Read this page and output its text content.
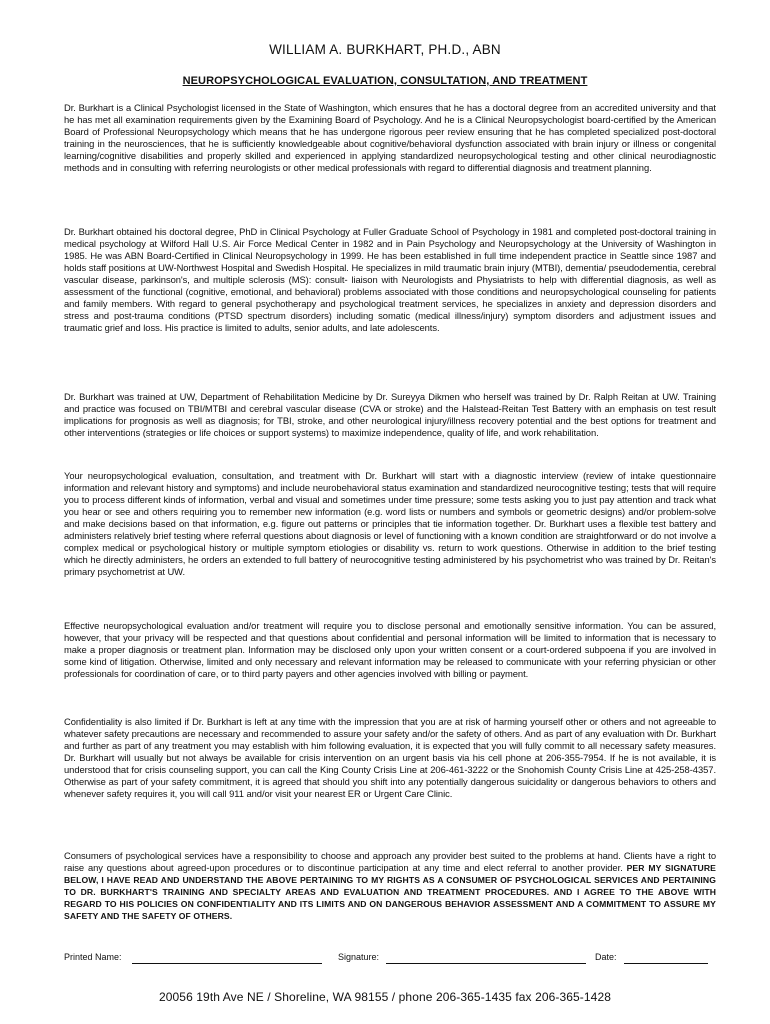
WILLIAM A. BURKHART, PH.D., ABN
NEUROPSYCHOLOGICAL EVALUATION, CONSULTATION, AND TREATMENT

Dr. Burkhart is a Clinical Psychologist licensed in the State of Washington, which ensures that he has a doctoral degree from an accredited university and that he has met all examination requirements given by the Examining Board of Psychology. And he is a Clinical Neuropsychologist board-certified by the American Board of Professional Neuropsychology which means that he has undergone rigorous peer review ensuring that he has completed specialized post-doctoral training in the neurosciences, that he is sufficiently knowledgeable about cognitive/behavioral dysfunction associated with brain injury or illness or congenital learning/cognitive disabilities and properly skilled and experienced in applying standardized neuropsychological testing and other clinical neurodiagnostic methods and in consulting with referring neurologists or other medical professionals with regard to differential diagnosis and treatment planning.

Dr. Burkhart obtained his doctoral degree, PhD in Clinical Psychology at Fuller Graduate School of Psychology in 1981 and completed post-doctoral training in medical psychology at Wilford Hall U.S. Air Force Medical Center in 1982 and in Pain Psychology and Neuropsychology at the University of Washington in 1985. He was ABN Board-Certified in Clinical Neuropsychology in 1999. He has been established in full time independent practice in Seattle since 1987 and holds staff positions at UW-Northwest Hospital and Swedish Hospital. He specializes in mild traumatic brain injury (MTBI), dementia/ pseudodementia, cerebral vascular disease, parkinson's, and multiple sclerosis (MS): consult- liaison with Neurologists and Physiatrists to help with differential diagnosis, as well as assessment of the functional (cognitive, emotional, and behavioral) problems associated with those conditions and neuropsychological counseling for patients and family members. With regard to general psychotherapy and psychological treatment services, he specializes in anxiety and depression disorders and stress and post-trauma conditions (PTSD spectrum disorders) including somatic (medical illness/injury) symptom disorders and adjustment issues and traumatic grief and loss. His practice is limited to adults, senior adults, and late adolescents.

Dr. Burkhart was trained at UW, Department of Rehabilitation Medicine by Dr. Sureyya Dikmen who herself was trained by Dr. Ralph Reitan at UW. Training and practice was focused on TBI/MTBI and cerebral vascular disease (CVA or stroke) and the Halstead-Reitan Test Battery with an emphasis on test result implications for prognosis as well as diagnosis; for TBI, stroke, and other neurological injury/illness recovery potential and the best options for treatment and other interventions (strategies or life choices or support systems) to maximize independence, quality of life, and work rehabilitation.

Your neuropsychological evaluation, consultation, and treatment with Dr. Burkhart will start with a diagnostic interview (review of intake questionnaire information and relevant history and symptoms) and include neurobehavioral status examination and standardized neurocognitive testing; tests that will require you to process different kinds of information, verbal and visual and sometimes under time pressure; some tests asking you to just pay attention and track what you hear or see and others requiring you to remember new information (e.g. word lists or numbers and symbols or geometric designs) and/or problem-solve and make decisions based on that information, e.g. figure out patterns or principles that tie information together. Dr. Burkhart uses a flexible test battery and administers relatively brief testing where referral questions about diagnosis or level of functioning with a known condition are straightforward or do not involve a complex medical or psychological history or multiple symptom etiologies or disability vs. return to work questions. Otherwise in addition to the brief testing which he directly administers, he orders an extended to full battery of neurocognitive testing administered by his psychometrist who was trained by Dr. Reitan's primary psychometrist at UW.

Effective neuropsychological evaluation and/or treatment will require you to disclose personal and emotionally sensitive information. You can be assured, however, that your privacy will be respected and that questions about confidential and personal information will be limited to information that is necessary to make a proper diagnosis or treatment plan. Information may be disclosed only upon your written consent or a court-ordered subpoena if you are involved in some kind of litigation. Otherwise, limited and only necessary and relevant information may be released to communicate with your referring physician or other professionals for coordination of care, or to third party payers and other agencies involved with billing or payment.

Confidentiality is also limited if Dr. Burkhart is left at any time with the impression that you are at risk of harming yourself other or others and not agreeable to whatever safety precautions are necessary and recommended to assure your safety and/or the safety of others. And as part of any evaluation with Dr. Burkhart and further as part of any treatment you may establish with him following evaluation, it is expected that you will fully commit to all necessary safety measures. Dr. Burkhart will usually but not always be available for crisis intervention on an urgent basis via his cell phone at 206-355-7954. If he is not available, it is understood that for crisis counseling support, you can call the King County Crisis Line at 206-461-3222 or the Snohomish County Crisis Line at 425-258-4357. Otherwise as part of your safety commitment, it is agreed that should you shift into any potentially dangerous suicidality or dangerous behaviors to others and whenever safety requires it, you will call 911 and/or visit your nearest ER or Urgent Care Clinic.

Consumers of psychological services have a responsibility to choose and approach any provider best suited to the problems at hand. Clients have a right to raise any questions about agreed-upon procedures or to discontinue participation at any time and elect referral to another provider. PER MY SIGNATURE BELOW, I HAVE READ AND UNDERSTAND THE ABOVE PERTAINING TO MY RIGHTS AS A CONSUMER OF PSYCHOLOGICAL SERVICES AND PERTAINING TO DR. BURKHART'S TRAINING AND SPECIALTY AREAS AND EVALUATION AND TREATMENT PROCEDURES. AND I AGREE TO THE ABOVE WITH REGARD TO HIS POLICIES ON CONFIDENTIALITY AND ITS LIMITS AND ON DANGEROUS BEHAVIOR ASSESSMENT AND A COMMITMENT TO ASSURE MY SAFETY AND THE SAFETY OF OTHERS.

Printed Name:	Signature:	Date:
20056 19th Ave NE / Shoreline, WA 98155 / phone 206-365-1435 fax 206-365-1428
